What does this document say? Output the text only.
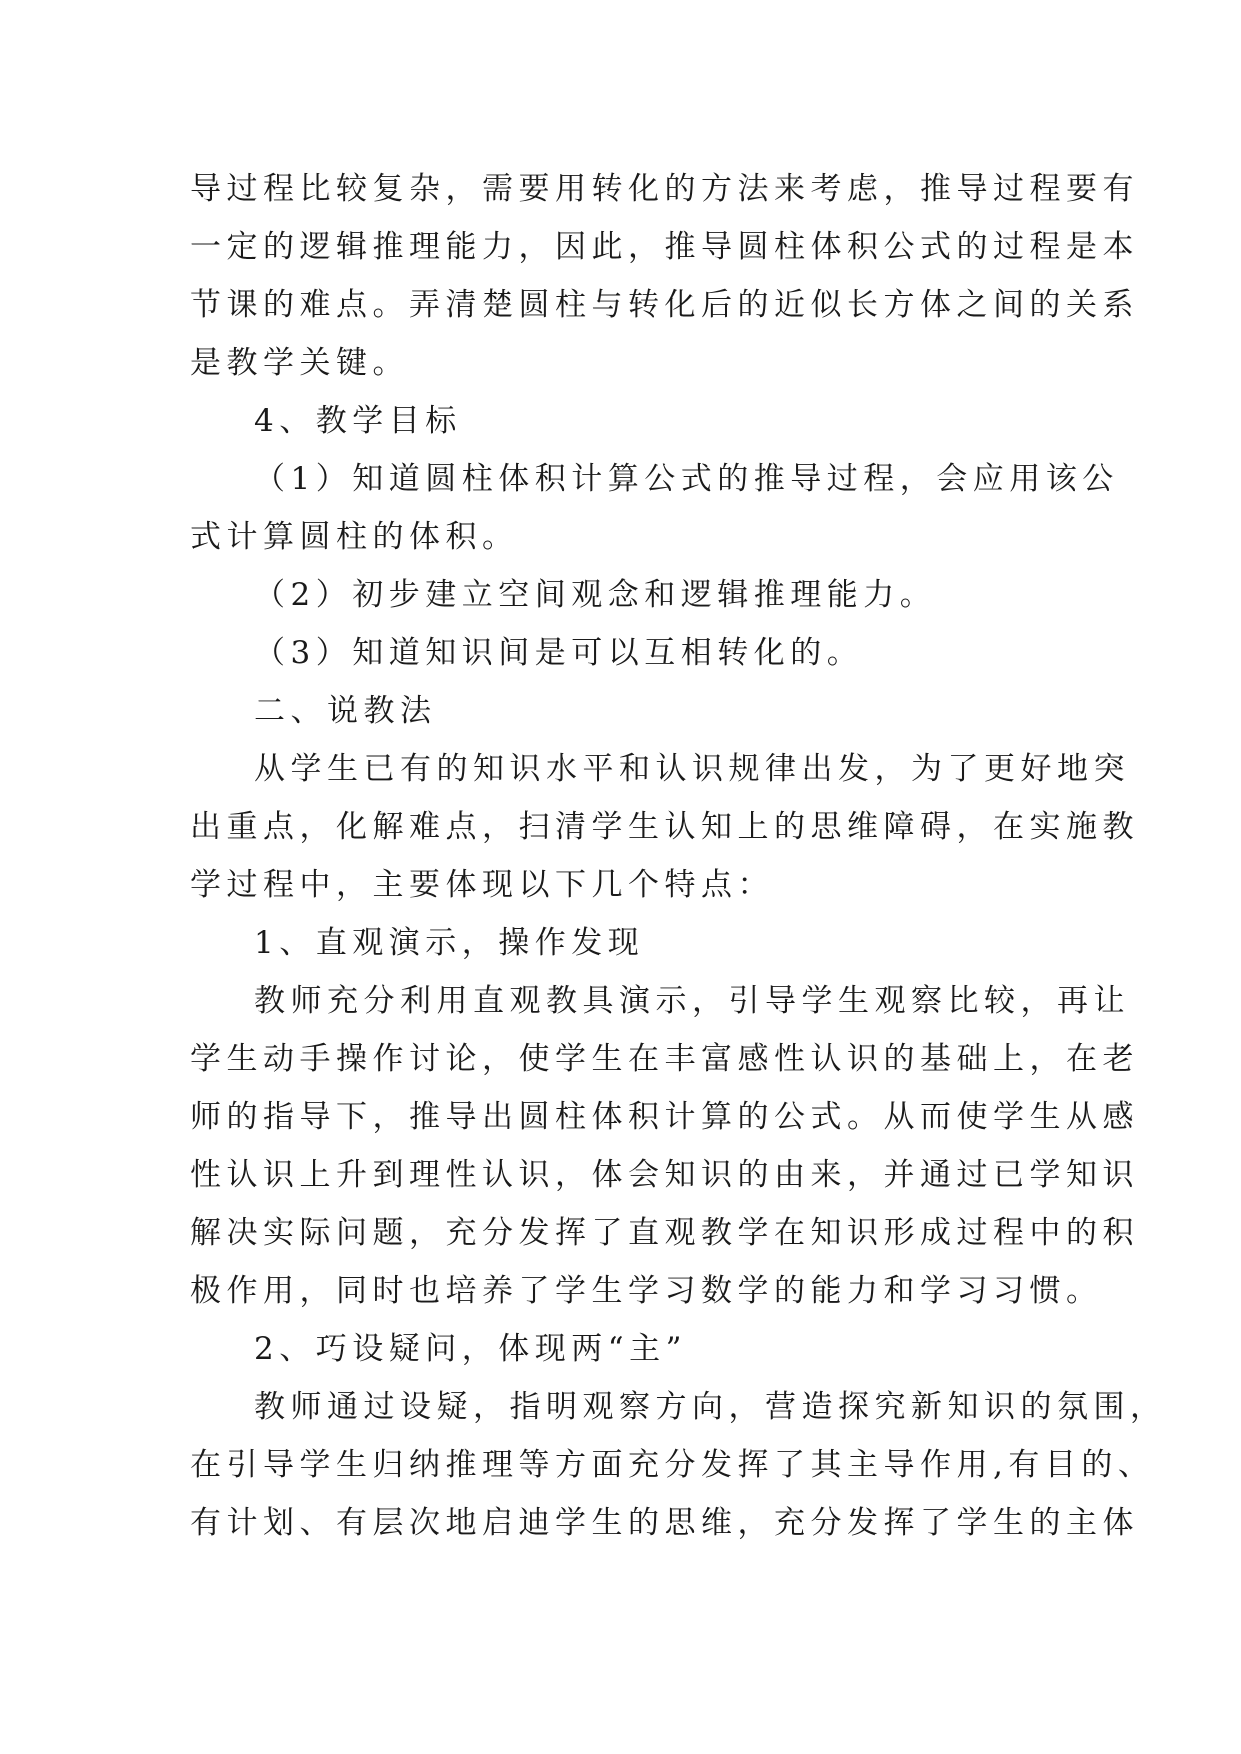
导过程比较复杂，需要用转化的方法来考虑，推导过程要有
一定的逻辑推理能力，因此，推导圆柱体积公式的过程是本
节课的难点。弄清楚圆柱与转化后的近似长方体之间的关系
是教学关键。
4、教学目标
（1）知道圆柱体积计算公式的推导过程，会应用该公
式计算圆柱的体积。
（2）初步建立空间观念和逻辑推理能力。
（3）知道知识间是可以互相转化的。
二、说教法
从学生已有的知识水平和认识规律出发，为了更好地突
出重点，化解难点，扫清学生认知上的思维障碍，在实施教
学过程中，主要体现以下几个特点：
1、直观演示，操作发现
教师充分利用直观教具演示，引导学生观察比较，再让
学生动手操作讨论，使学生在丰富感性认识的基础上，在老
师的指导下，推导出圆柱体积计算的公式。从而使学生从感
性认识上升到理性认识，体会知识的由来，并通过已学知识
解决实际问题，充分发挥了直观教学在知识形成过程中的积
极作用，同时也培养了学生学习数学的能力和学习习惯。
2、巧设疑问，体现两“主”
教师通过设疑，指明观察方向，营造探究新知识的氛围，
在引导学生归纳推理等方面充分发挥了其主导作用,有目的、
有计划、有层次地启迪学生的思维，充分发挥了学生的主体
